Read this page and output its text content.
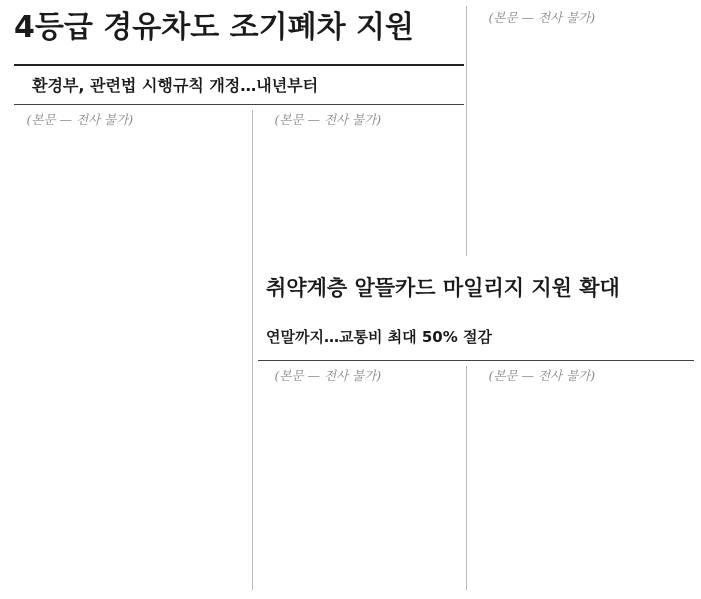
4등급 경유차도 조기폐차 지원
환경부, 관련법 시행규칙 개정…내년부터

(본문 — 전사 불가)	(본문 — 전사 불가)

(본문 — 전사 불가)

취약계층 알뜰카드 마일리지 지원 확대
연말까지…교통비 최대 50% 절감

(본문 — 전사 불가)	(본문 — 전사 불가)
